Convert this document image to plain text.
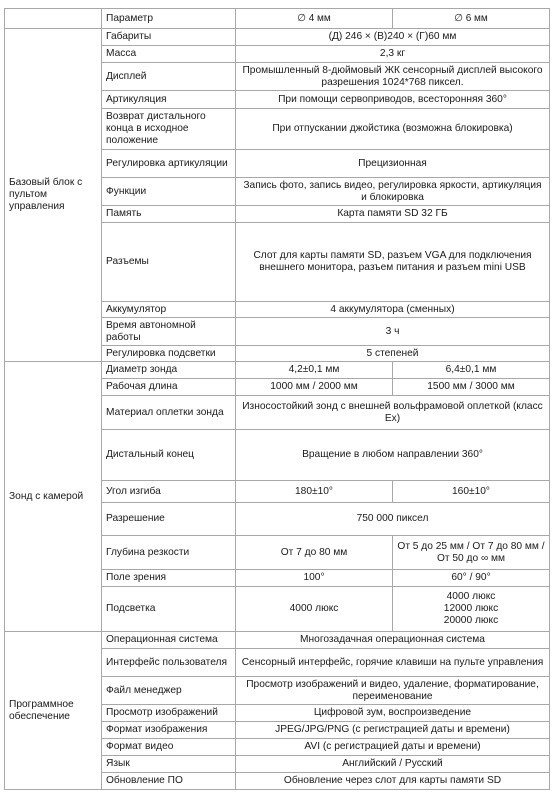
	Параметр	∅ 4 мм	∅ 6 мм
Базовый блок с пультом управления	Габариты	(Д) 246 × (В)240 × (Г)60 мм	
	Масса	2,3 кг	
	Дисплей	Промышленный 8-дюймовый ЖК сенсорный дисплей высокого разрешения 1024*768 пиксел.	
	Артикуляция	При помощи сервоприводов, всесторонняя 360°	
	Возврат дистального конца в исходное положение	При отпускании джойстика (возможна блокировка)	
	Регулировка артикуляции	Прецизионная	
	Функции	Запись фото, запись видео, регулировка яркости, артикуляция и блокировка	
	Память	Карта памяти SD 32 ГБ	
	Разъемы	Слот для карты памяти SD, разъем VGA для подключения внешнего монитора, разъем питания и разъем mini USB	
	Аккумулятор	4 аккумулятора (сменных)	
	Время автономной работы	3 ч	
	Регулировка подсветки	5 степеней	
Зонд с камерой	Диаметр зонда	4,2±0,1 мм	6,4±0,1 мм
	Рабочая длина	1000 мм / 2000 мм	1500 мм / 3000 мм
	Материал оплетки зонда	Износостойкий зонд с внешней вольфрамовой оплеткой (класс Ex)	
	Дистальный конец	Вращение в любом направлении 360°	
	Угол изгиба	180±10°	160±10°
	Разрешение	750 000 пиксел	
	Глубина резкости	От 7 до 80 мм	От 5 до 25 мм / От 7 до 80 мм / От 50 до ∞ мм
	Поле зрения	100°	60° / 90°
	Подсветка	4000 люкс	4000 люкс
12000 люкс
20000 люкс

Программное обеспечение	Операционная система	Многозадачная операционная система	
	Интерфейс пользователя	Сенсорный интерфейс, горячие клавиши на пульте управления	
	Файл менеджер	Просмотр изображений и видео, удаление, форматирование, переименование	
	Просмотр изображений	Цифровой зум, воспроизведение	
	Формат изображения	JPEG/JPG/PNG (с регистрацией даты и времени)	
	Формат видео	AVI (с регистрацией даты и времени)	
	Язык	Английский / Русский	
	Обновление ПО	Обновление через слот для карты памяти SD	
